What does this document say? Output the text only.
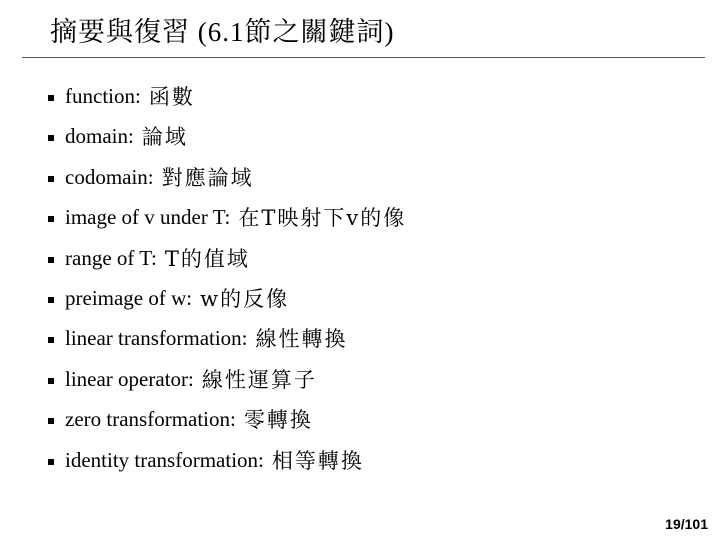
摘要與復習 (6.1節之關鍵詞)
function: 函數
domain: 論域
codomain: 對應論域
image of v under T: 在T映射下v的像
range of T: T的值域
preimage of w: w的反像
linear transformation: 線性轉換
linear operator: 線性運算子
zero transformation: 零轉換
identity transformation: 相等轉換
19/101
